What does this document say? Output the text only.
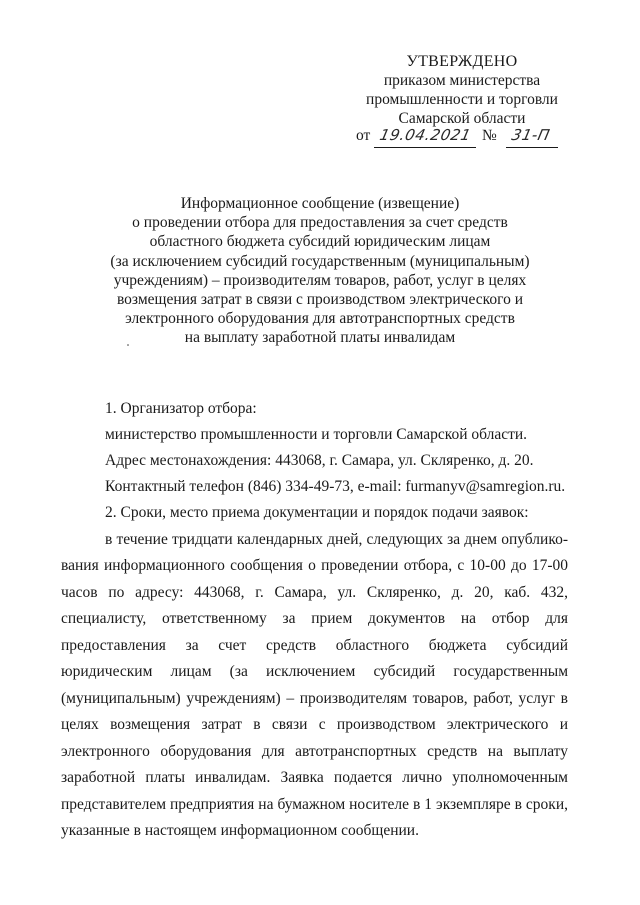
УТВЕРЖДЕНО
приказом министерства
промышленности и торговли
Самарской области
от 19.04.2021 № 31-П
Информационное сообщение (извещение)
о проведении отбора для предоставления за счет средств
областного бюджета субсидий юридическим лицам
(за исключением субсидий государственным (муниципальным)
учреждениям) – производителям товаров, работ, услуг в целях
возмещения затрат в связи с производством электрического и
электронного оборудования для автотранспортных средств
на выплату заработной платы инвалидам
1. Организатор отбора:
министерство промышленности и торговли Самарской области.
Адрес местонахождения: 443068, г. Самара, ул. Скляренко, д. 20.
Контактный телефон (846) 334-49-73, e-mail: furmanyv@samregion.ru.
2. Сроки, место приема документации и порядок подачи заявок:
в течение тридцати календарных дней, следующих за днем опублико-
вания информационного сообщения о проведении отбора, с 10-00 до 17-00
часов по адресу: 443068, г. Самара, ул. Скляренко, д. 20, каб. 432,
специалисту, ответственному за прием документов на отбор для
предоставления за счет средств областного бюджета субсидий
юридическим лицам (за исключением субсидий государственным
(муниципальным) учреждениям) – производителям товаров, работ, услуг в
целях возмещения затрат в связи с производством электрического и
электронного оборудования для автотранспортных средств на выплату
заработной платы инвалидам. Заявка подается лично уполномоченным
представителем предприятия на бумажном носителе в 1 экземпляре в сроки,
указанные в настоящем информационном сообщении.
